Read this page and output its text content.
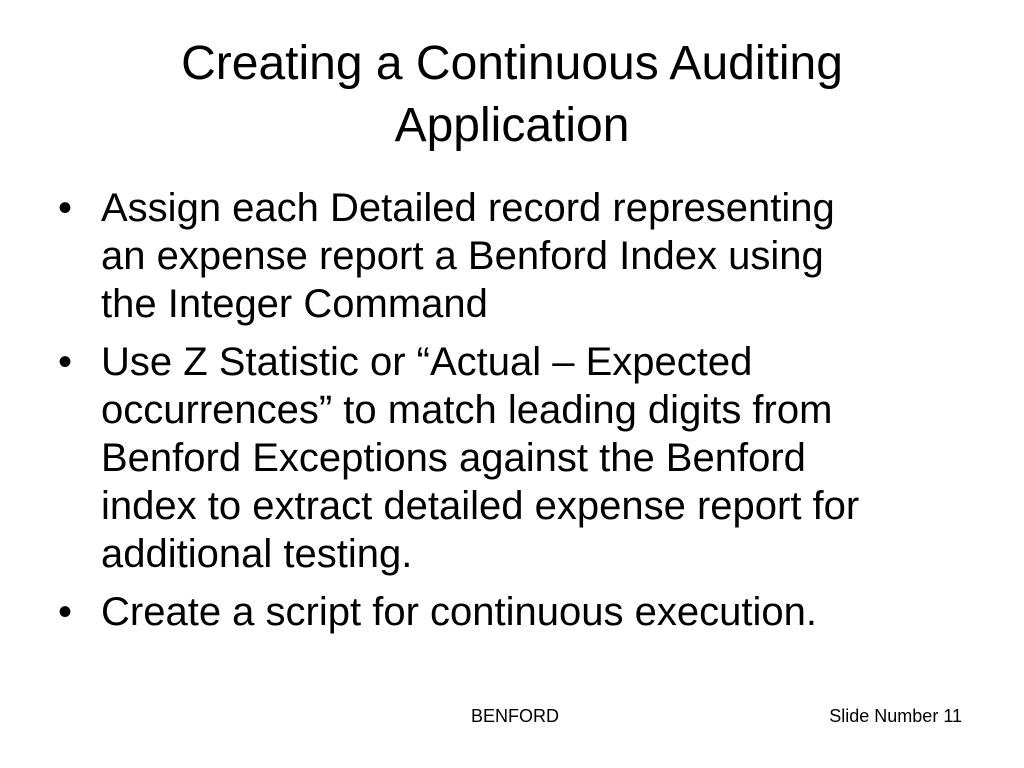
Creating a Continuous Auditing
Application
• Assign each Detailed record representing
an expense report a Benford Index using
the Integer Command
• Use Z Statistic or “Actual – Expected
occurrences” to match leading digits from
Benford Exceptions against the Benford
index to extract detailed expense report for
additional testing.
• Create a script for continuous execution.
BENFORD	Slide Number 11
